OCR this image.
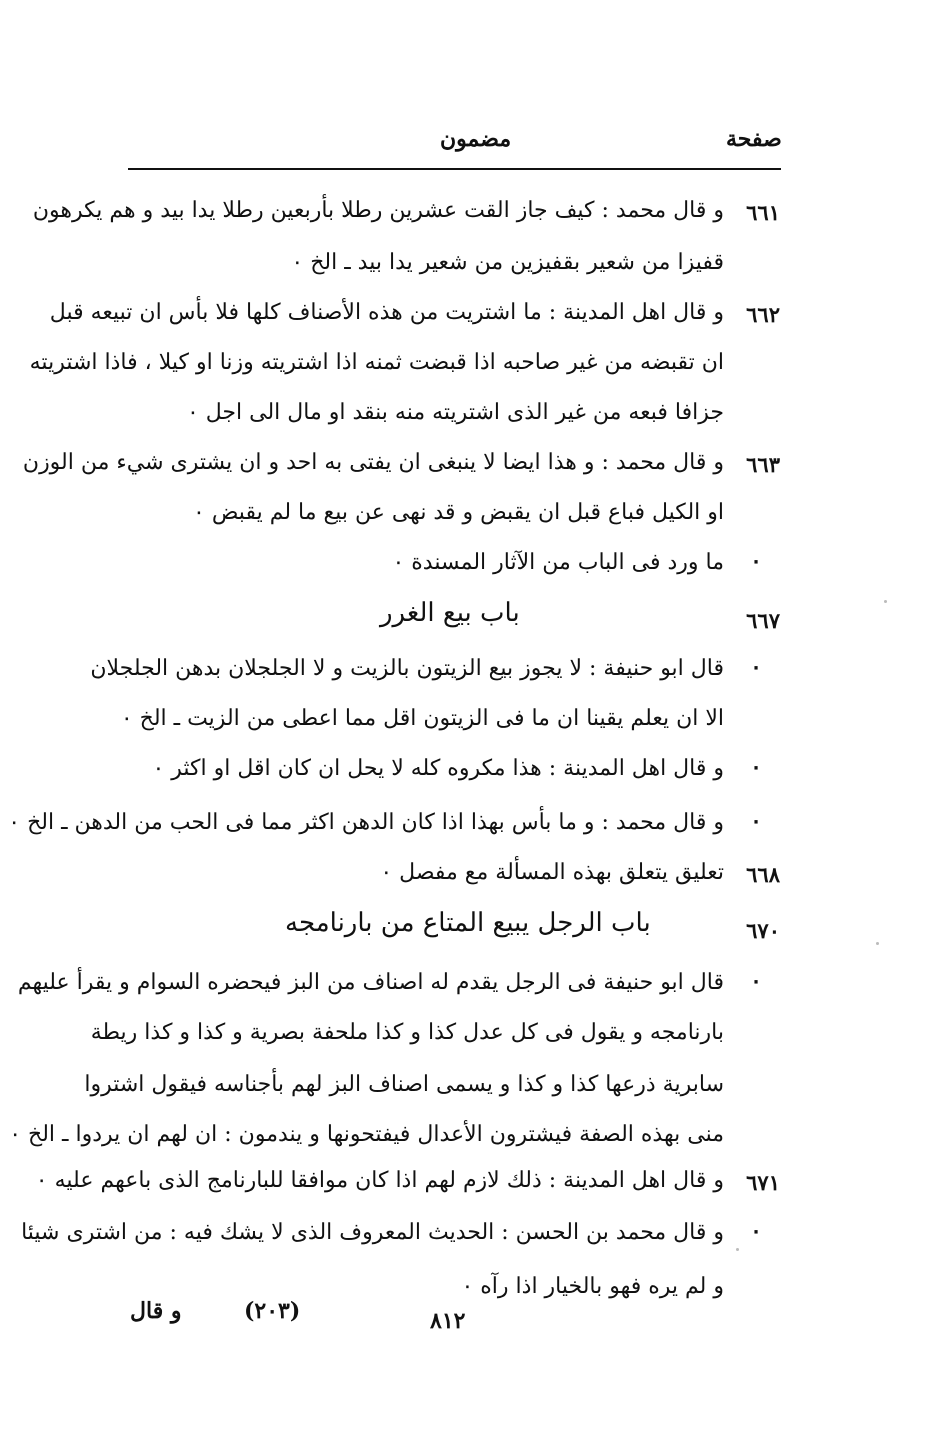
صفحة
مضمون
٦٦١
و قال محمد : كيف جاز القت عشرين رطلا بأربعين رطلا يدا بيد و هم يكرهون
قفيزا من شعير بقفيزين من شعير يدا بيد ـ الخ ٠
٦٦٢
و قال اهل المدينة : ما اشتريت من هذه الأصناف كلها فلا بأس ان تبيعه قبل
ان تقبضه من غير صاحبه اذا قبضت ثمنه اذا اشتريته وزنا او كيلا ، فاذا اشتريته
جزافا فبعه من غير الذى اشتريته منه بنقد او مال الى اجل ٠
٦٦٣
و قال محمد : و هذا ايضا لا ينبغى ان يفتى به احد و ان يشترى شيء من الوزن
او الكيل فباع قبل ان يقبض و قد نهى عن بيع ما لم يقبض ٠
٠
ما ورد فى الباب من الآثار المسندة ٠
٦٦٧
باب بيع الغرر
٠
قال ابو حنيفة : لا يجوز بيع الزيتون بالزيت و لا الجلجلان بدهن الجلجلان
الا ان يعلم يقينا ان ما فى الزيتون اقل مما اعطى من الزيت ـ الخ ٠
٠
و قال اهل المدينة : هذا مكروه كله لا يحل ان كان اقل او اكثر ٠
٠
و قال محمد : و ما بأس بهذا اذا كان الدهن اكثر مما فى الحب من الدهن ـ الخ ٠
٦٦٨
تعليق يتعلق بهذه المسألة مع مفصل ٠
٦٧٠
باب الرجل يبيع المتاع من بارنامجه
٠
قال ابو حنيفة فى الرجل يقدم له اصناف من البز فيحضره السوام و يقرأ عليهم
بارنامجه و يقول فى كل عدل كذا و كذا ملحفة بصرية و كذا و كذا ريطة
سابرية ذرعها كذا و كذا و يسمى اصناف البز لهم بأجناسه فيقول اشتروا
منى بهذه الصفة فيشترون الأعدال فيفتحونها و يندمون : ان لهم ان يردوا ـ الخ ٠
٦٧١
و قال اهل المدينة : ذلك لازم لهم اذا كان موافقا للبارنامج الذى باعهم عليه ٠
٠
و قال محمد بن الحسن : الحديث المعروف الذى لا يشك فيه : من اشترى شيئا
و لم يره فهو بالخيار اذا رآه ٠
و قال	(٢٠٣)	٨١٢
